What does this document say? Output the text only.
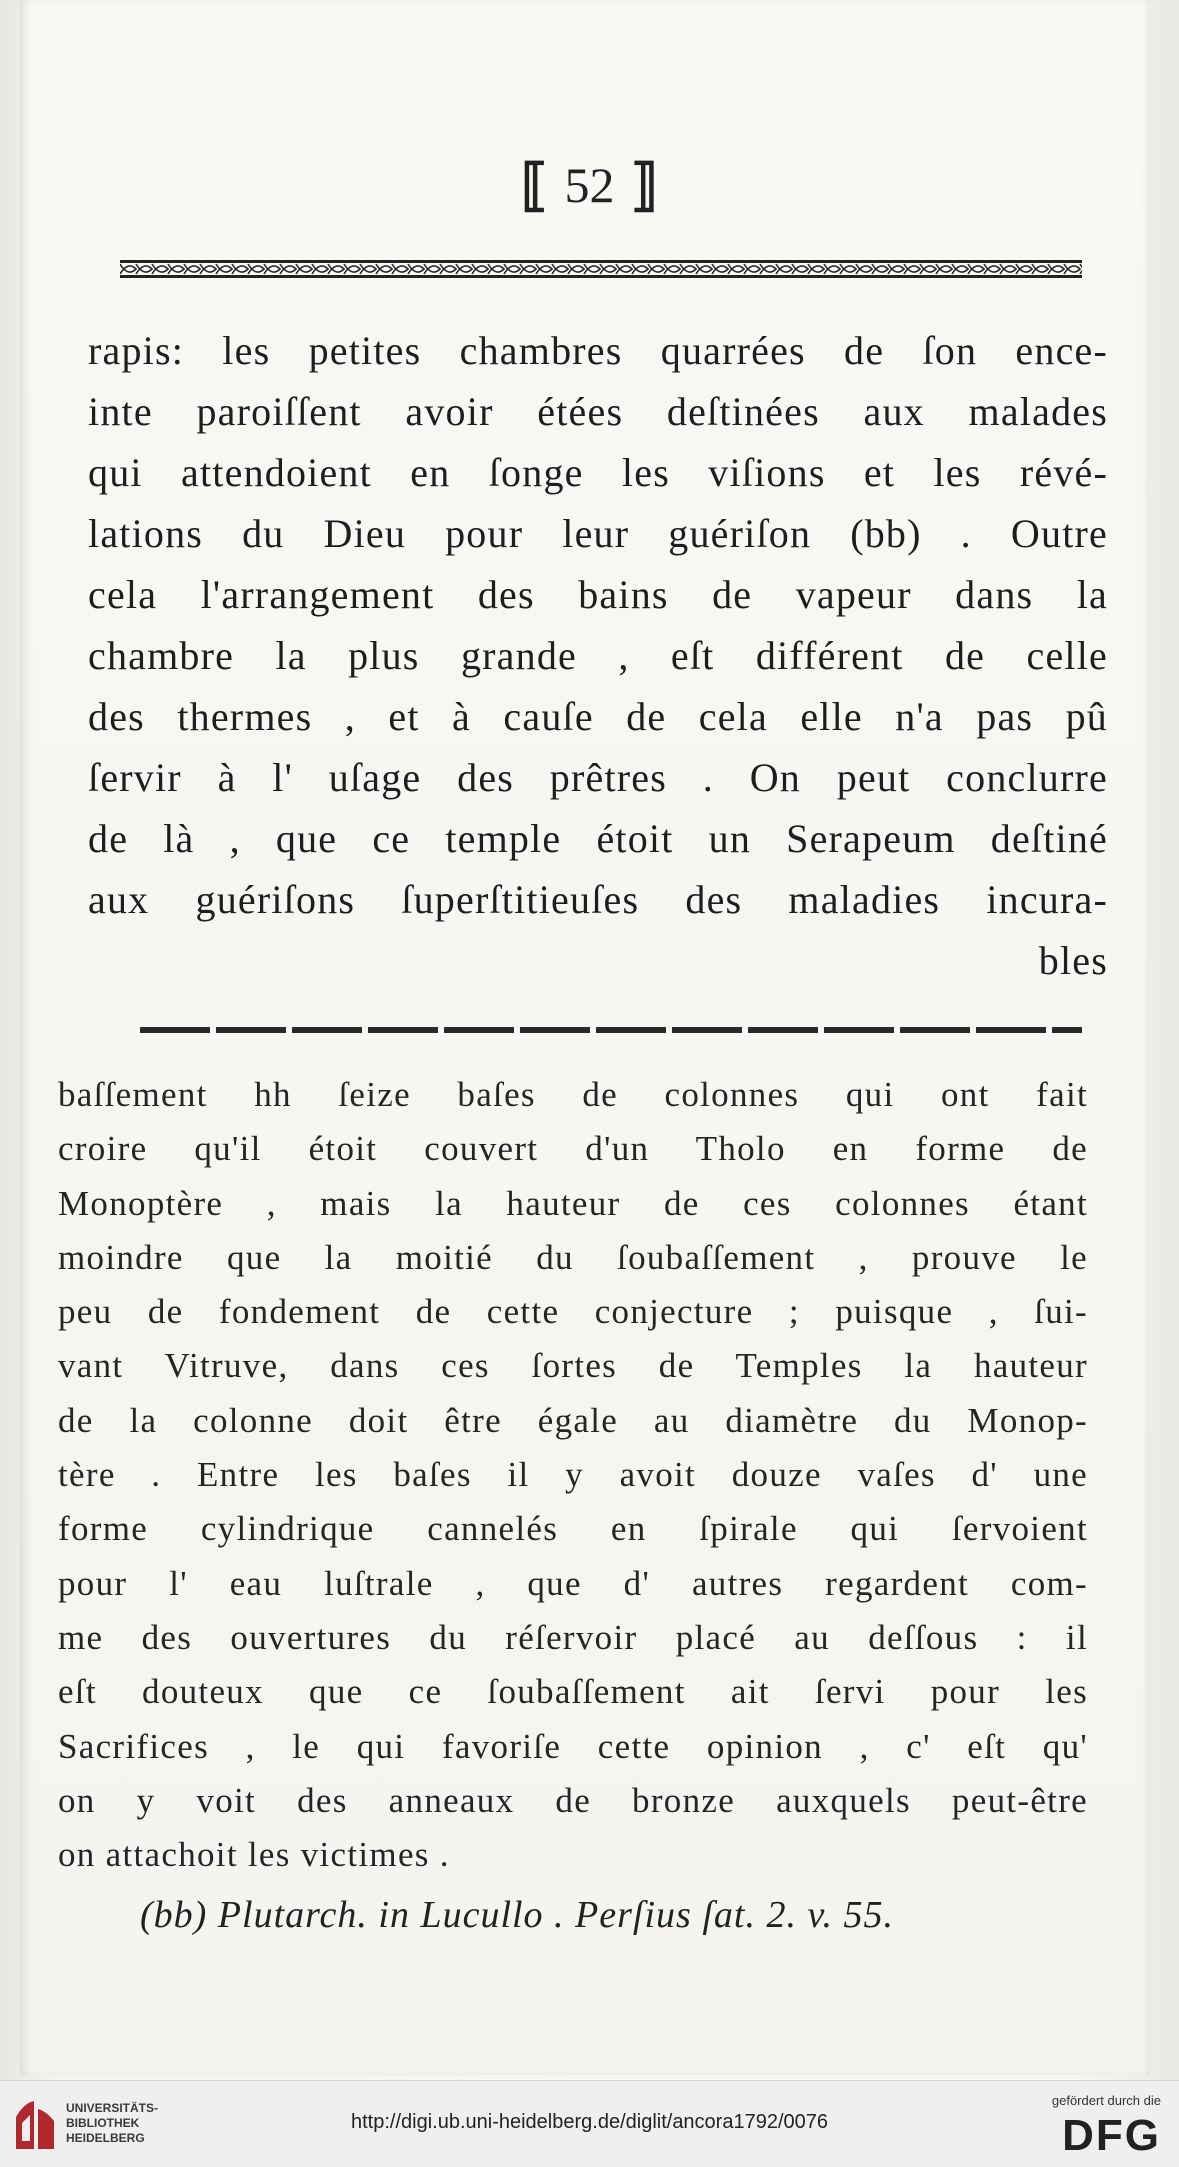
⟦ 52 ⟧
rapis: les petites chambres quarrées de ſon ence-
inte paroiſſent avoir étées deſtinées aux malades
qui attendoient en ſonge les viſions et les révé-
lations du Dieu pour leur guériſon (bb) . Outre
cela l'arrangement des bains de vapeur dans la
chambre la plus grande , eſt différent de celle
des thermes , et à cauſe de cela elle n'a pas pû
ſervir à l' uſage des prêtres . On peut conclurre
de là , que ce temple étoit un Serapeum deſtiné
aux guériſons ſuperſtitieuſes des maladies incura-
bles
baſſement hh ſeize baſes de colonnes qui ont fait
croire qu'il étoit couvert d'un Tholo en forme de
Monoptère , mais la hauteur de ces colonnes étant
moindre que la moitié du ſoubaſſement , prouve le
peu de fondement de cette conjecture ; puisque , ſui-
vant Vitruve, dans ces ſortes de Temples la hauteur
de la colonne doit être égale au diamètre du Monop-
tère . Entre les baſes il y avoit douze vaſes d' une
forme cylindrique cannelés en ſpirale qui ſervoient
pour l' eau luſtrale , que d' autres regardent com-
me des ouvertures du réſervoir placé au deſſous : il
eſt douteux que ce ſoubaſſement ait ſervi pour les
Sacrifices , le qui favoriſe cette opinion , c' eſt qu'
on y voit des anneaux de bronze auxquels peut-être
on attachoit les victimes .
(bb) Plutarch. in Lucullo . Perſius ſat. 2. v. 55.
UNIVERSITÄTS-
BIBLIOTHEK
HEIDELBERG
http://digi.ub.uni-heidelberg.de/diglit/ancora1792/0076
gefördert durch die
DFG
